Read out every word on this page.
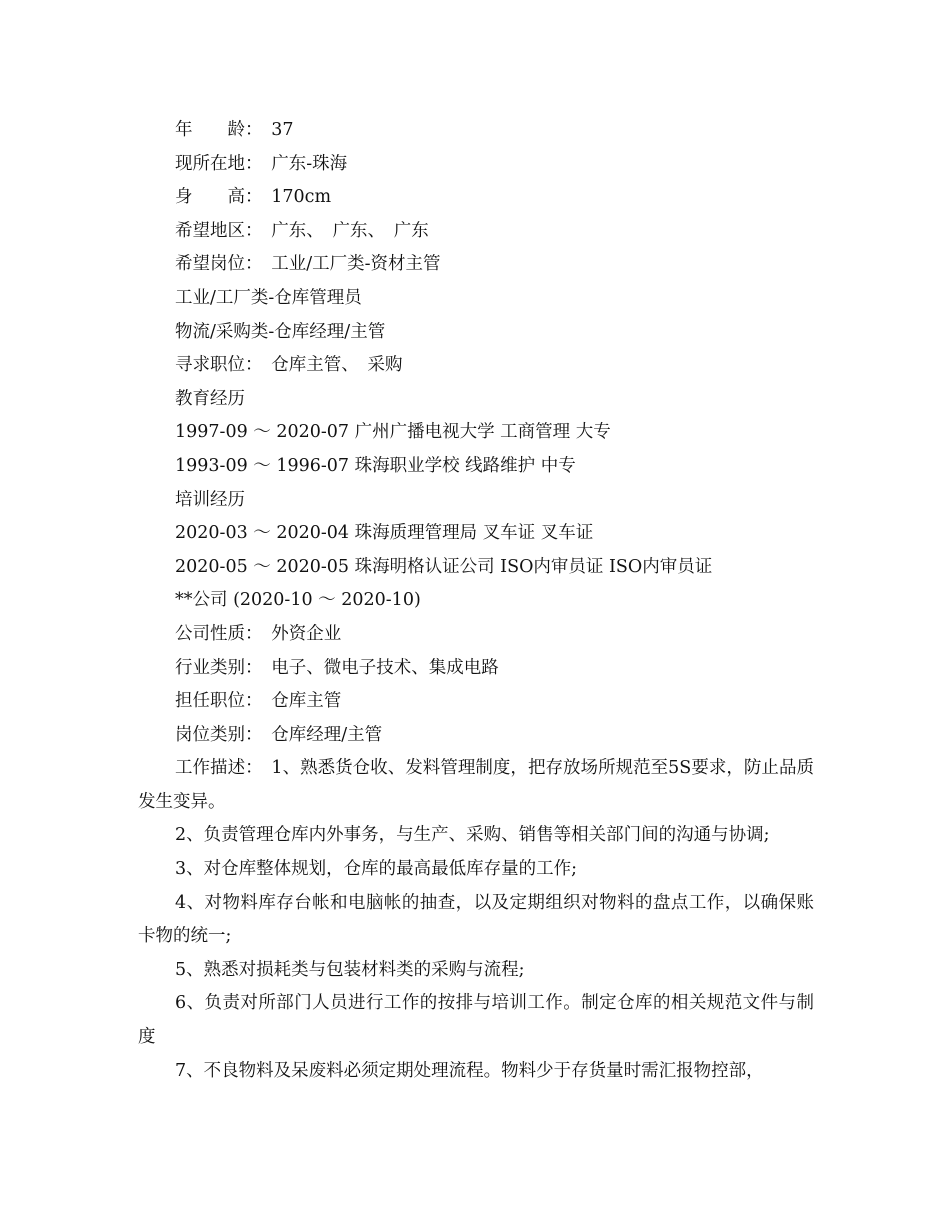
年　　龄：　37
现所在地：　广东-珠海
身　　高：　170cm
希望地区：　广东、　广东、　广东
希望岗位：　工业/工厂类-资材主管
工业/工厂类-仓库管理员
物流/采购类-仓库经理/主管
寻求职位：　仓库主管、　采购
教育经历
1997-09 ～ 2020-07 广州广播电视大学 工商管理 大专
1993-09 ～ 1996-07 珠海职业学校 线路维护 中专
培训经历
2020-03 ～ 2020-04 珠海质理管理局 叉车证 叉车证
2020-05 ～ 2020-05 珠海明格认证公司 ISO内审员证 ISO内审员证
**公司 (2020-10 ～ 2020-10)
公司性质：　外资企业
行业类别：　电子、微电子技术、集成电路
担任职位：　仓库主管
岗位类别：　仓库经理/主管

工作描述：　1、熟悉货仓收、发料管理制度，把存放场所规范至5S要求，防止品质发生变异。

2、负责管理仓库内外事务，与生产、采购、销售等相关部门间的沟通与协调;

3、对仓库整体规划，仓库的最高最低库存量的工作;

4、对物料库存台帐和电脑帐的抽查，以及定期组织对物料的盘点工作，以确保账卡物的统一;

5、熟悉对损耗类与包装材料类的采购与流程;

6、负责对所部门人员进行工作的按排与培训工作。制定仓库的相关规范文件与制度

7、不良物料及呆废料必须定期处理流程。物料少于存货量时需汇报物控部，
